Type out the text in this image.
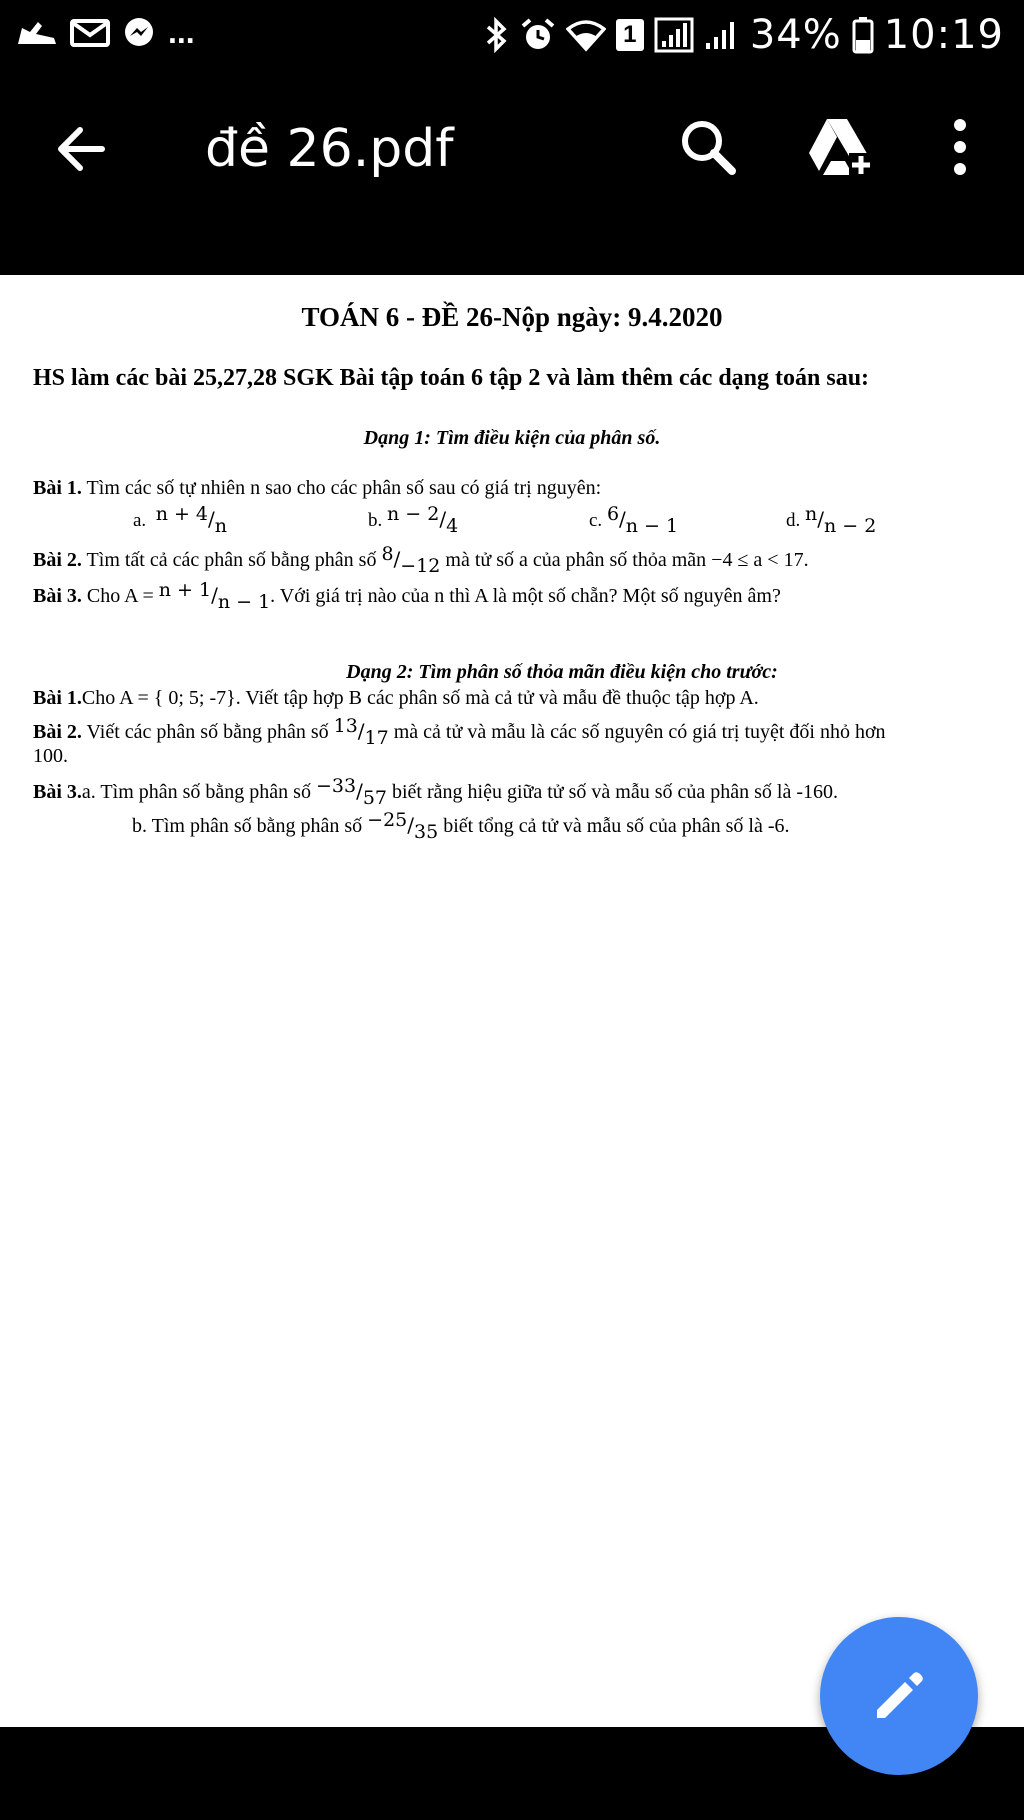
...	1	34% 10:19
đề 26.pdf
TOÁN 6 - ĐỀ 26-Nộp ngày: 9.4.2020
HS làm các bài 25,27,28 SGK Bài tập toán 6 tập 2 và làm thêm các dạng toán sau:
Dạng 1: Tìm điều kiện của phân số.
Bài 1. Tìm các số tự nhiên n sao cho các phân số sau có giá trị nguyên:
a. $^{n + 4}/_n$	b. $^{n - 2}/_4$	c. $^6/_{n - 1}$	d. $^n/_{n - 2}$
Bài 2. Tìm tất cả các phân số bằng phân số $^8/_{-12}$ mà tử số a của phân số thỏa mãn −4 ≤ a < 17.
Bài 3. Cho $A = ^{n + 1}/_{n - 1}$. Với giá trị nào của n thì A là một số chẵn? Một số nguyên âm?
Dạng 2: Tìm phân số thỏa mãn điều kiện cho trước:
Bài 1.Cho A = { 0; 5; -7}. Viết tập hợp B các phân số mà cả tử và mẫu đề thuộc tập hợp A.
Bài 2. Viết các phân số bằng phân số $^{13}/_{17}$ mà cả tử và mẫu là các số nguyên có giá trị tuyệt đối nhỏ hơn
100.
Bài 3.a. Tìm phân số bằng phân số $^{-33}/_{57}$ biết rằng hiệu giữa tử số và mẫu số của phân số là -160.
b. Tìm phân số bằng phân số $^{-25}/_{35}$ biết tổng cả tử và mẫu số của phân số là -6.
